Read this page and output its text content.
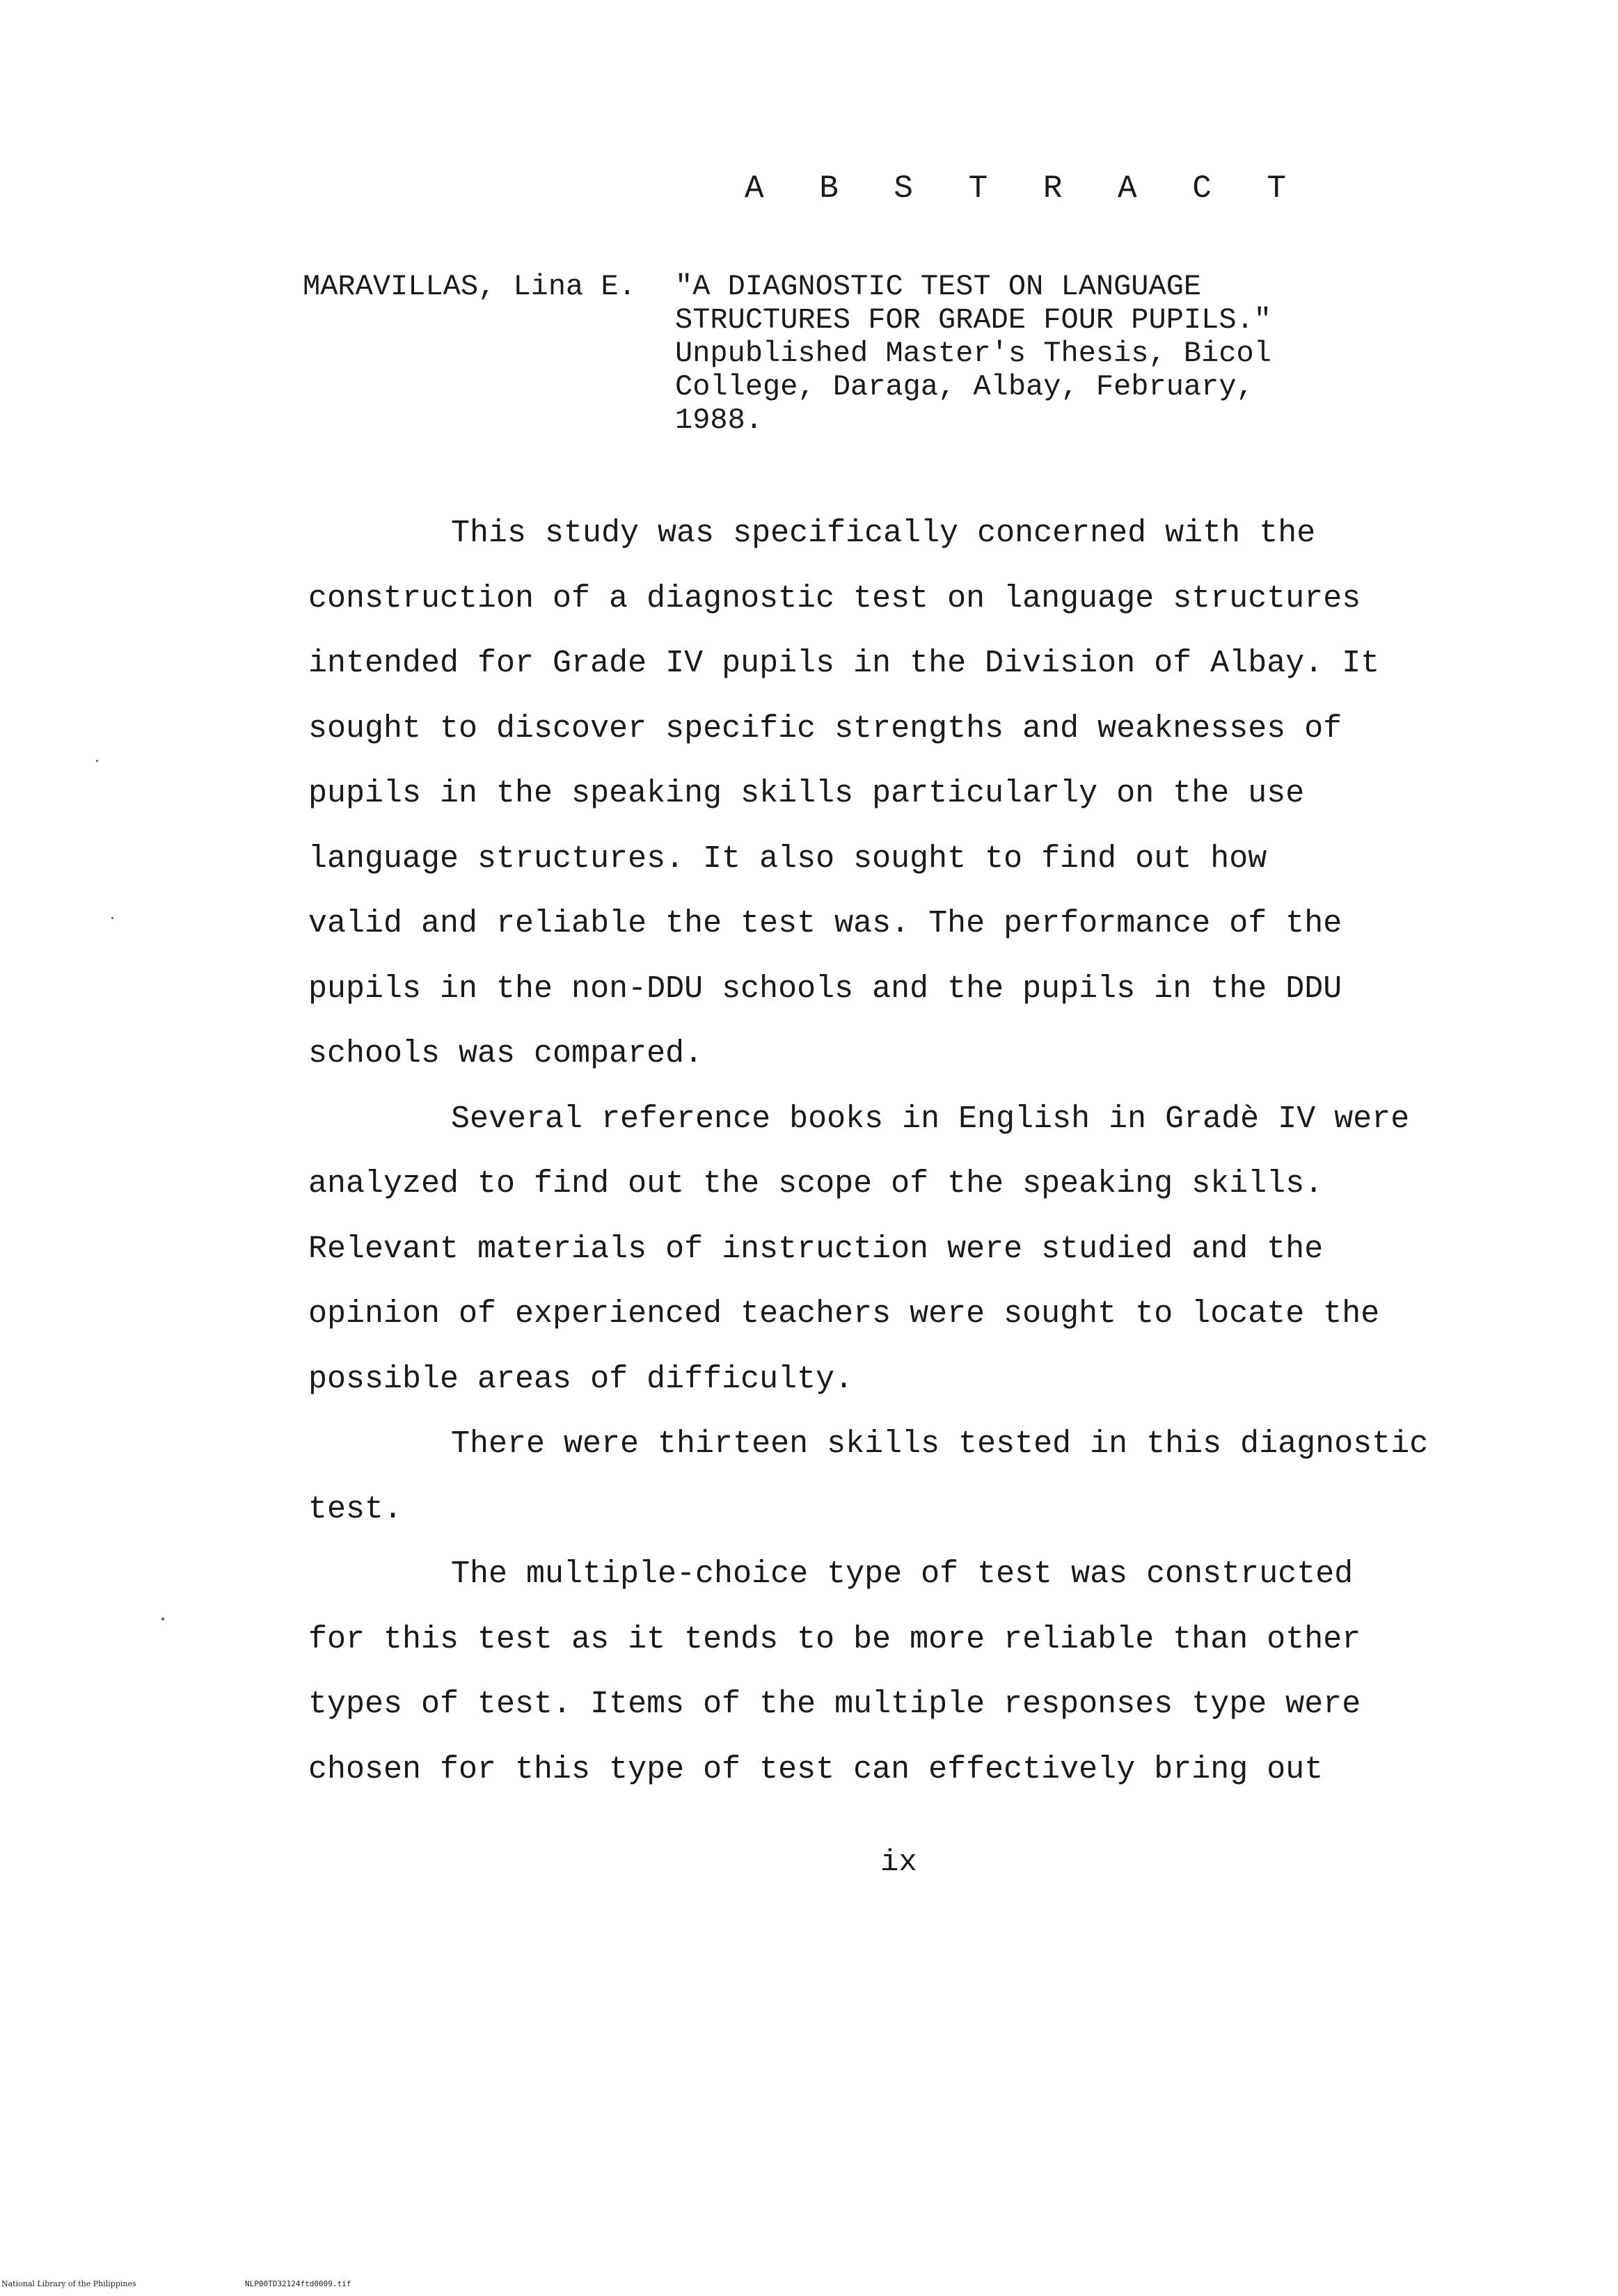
A B S T R A C T
MARAVILLAS, Lina E. "A DIAGNOSTIC TEST ON LANGUAGE
STRUCTURES FOR GRADE FOUR PUPILS."
Unpublished Master's Thesis, Bicol
College, Daraga, Albay, February,
1988.
This study was specifically concerned with the
construction of a diagnostic test on language structures
intended for Grade IV pupils in the Division of Albay. It
sought to discover specific strengths and weaknesses of
pupils in the speaking skills particularly on the use
language structures. It also sought to find out how
valid and reliable the test was. The performance of the
pupils in the non-DDU schools and the pupils in the DDU
schools was compared.
Several reference books in English in Gradè IV were
analyzed to find out the scope of the speaking skills.
Relevant materials of instruction were studied and the
opinion of experienced teachers were sought to locate the
possible areas of difficulty.
There were thirteen skills tested in this diagnostic
test.
The multiple-choice type of test was constructed
for this test as it tends to be more reliable than other
types of test. Items of the multiple responses type were
chosen for this type of test can effectively bring out
ix
National Library of the Philippines	NLP00TD32124ftd0009.tif
